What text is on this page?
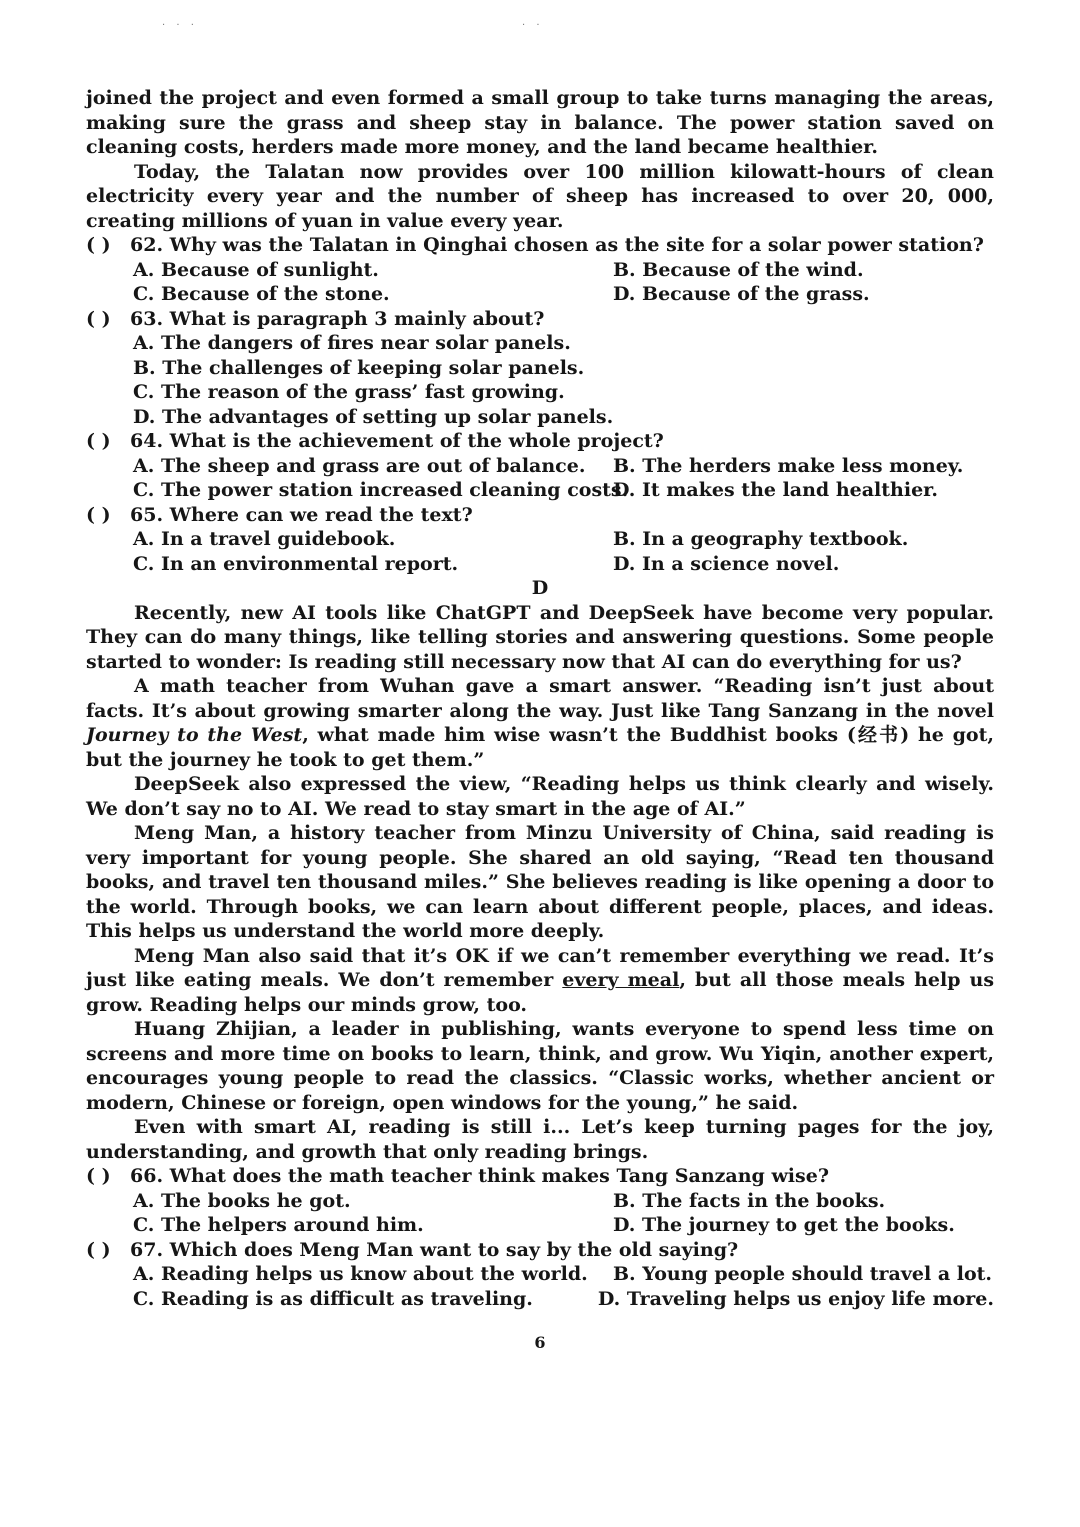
· · ·	· ·

joined the project and even formed a small group to take turns managing the areas, making sure the grass and sheep stay in balance. The power station saved on cleaning costs, herders made more money, and the land became healthier.

Today, the Talatan now provides over 100 million kilowatt-hours of clean electricity every year and the number of sheep has increased to over 20, 000, creating millions of yuan in value every year.

( ) 62. Why was the Talatan in Qinghai chosen as the site for a solar power station?
A. Because of sunlight.	B. Because of the wind.
C. Because of the stone.	D. Because of the grass.
( ) 63. What is paragraph 3 mainly about?
A. The dangers of fires near solar panels.
B. The challenges of keeping solar panels.
C. The reason of the grass’ fast growing.
D. The advantages of setting up solar panels.
( ) 64. What is the achievement of the whole project?
A. The sheep and grass are out of balance.	B. The herders make less money.
C. The power station increased cleaning costs.
D. It makes the land healthier.
( ) 65. Where can we read the text?
A. In a travel guidebook.	B. In a geography textbook.
C. In an environmental report.	D. In a science novel.
D

Recently, new AI tools like ChatGPT and DeepSeek have become very popular. They can do many things, like telling stories and answering questions. Some people started to wonder: Is reading still necessary now that AI can do everything for us?

A math teacher from Wuhan gave a smart answer. “Reading isn’t just about facts. It’s about growing smarter along the way. Just like Tang Sanzang in the novel Journey to the West, what made him wise wasn’t the Buddhist books (经书) he got, but the journey he took to get them.”

DeepSeek also expressed the view, “Reading helps us think clearly and wisely. We don’t say no to AI. We read to stay smart in the age of AI.”

Meng Man, a history teacher from Minzu University of China, said reading is very important for young people. She shared an old saying, “Read ten thousand books, and travel ten thousand miles.” She believes reading is like opening a door to the world. Through books, we can learn about different people, places, and ideas. This helps us understand the world more deeply.

Meng Man also said that it’s OK if we can’t remember everything we read. It’s just like eating meals. We don’t remember every meal, but all those meals help us grow. Reading helps our minds grow, too.

Huang Zhijian, a leader in publishing, wants everyone to spend less time on screens and more time on books to learn, think, and grow. Wu Yiqin, another expert, encourages young people to read the classics. “Classic works, whether ancient or modern, Chinese or foreign, open windows for the young,” he said.

Even with smart AI, reading is still i... Let’s keep turning pages for the joy, understanding, and growth that only reading brings.

( ) 66. What does the math teacher think makes Tang Sanzang wise?
A. The books he got.	B. The facts in the books.
C. The helpers around him.	D. The journey to get the books.
( ) 67. Which does Meng Man want to say by the old saying?
A. Reading helps us know about the world.	B. Young people should travel a lot.
C. Reading is as difficult as traveling.	D. Traveling helps us enjoy life more.
6
